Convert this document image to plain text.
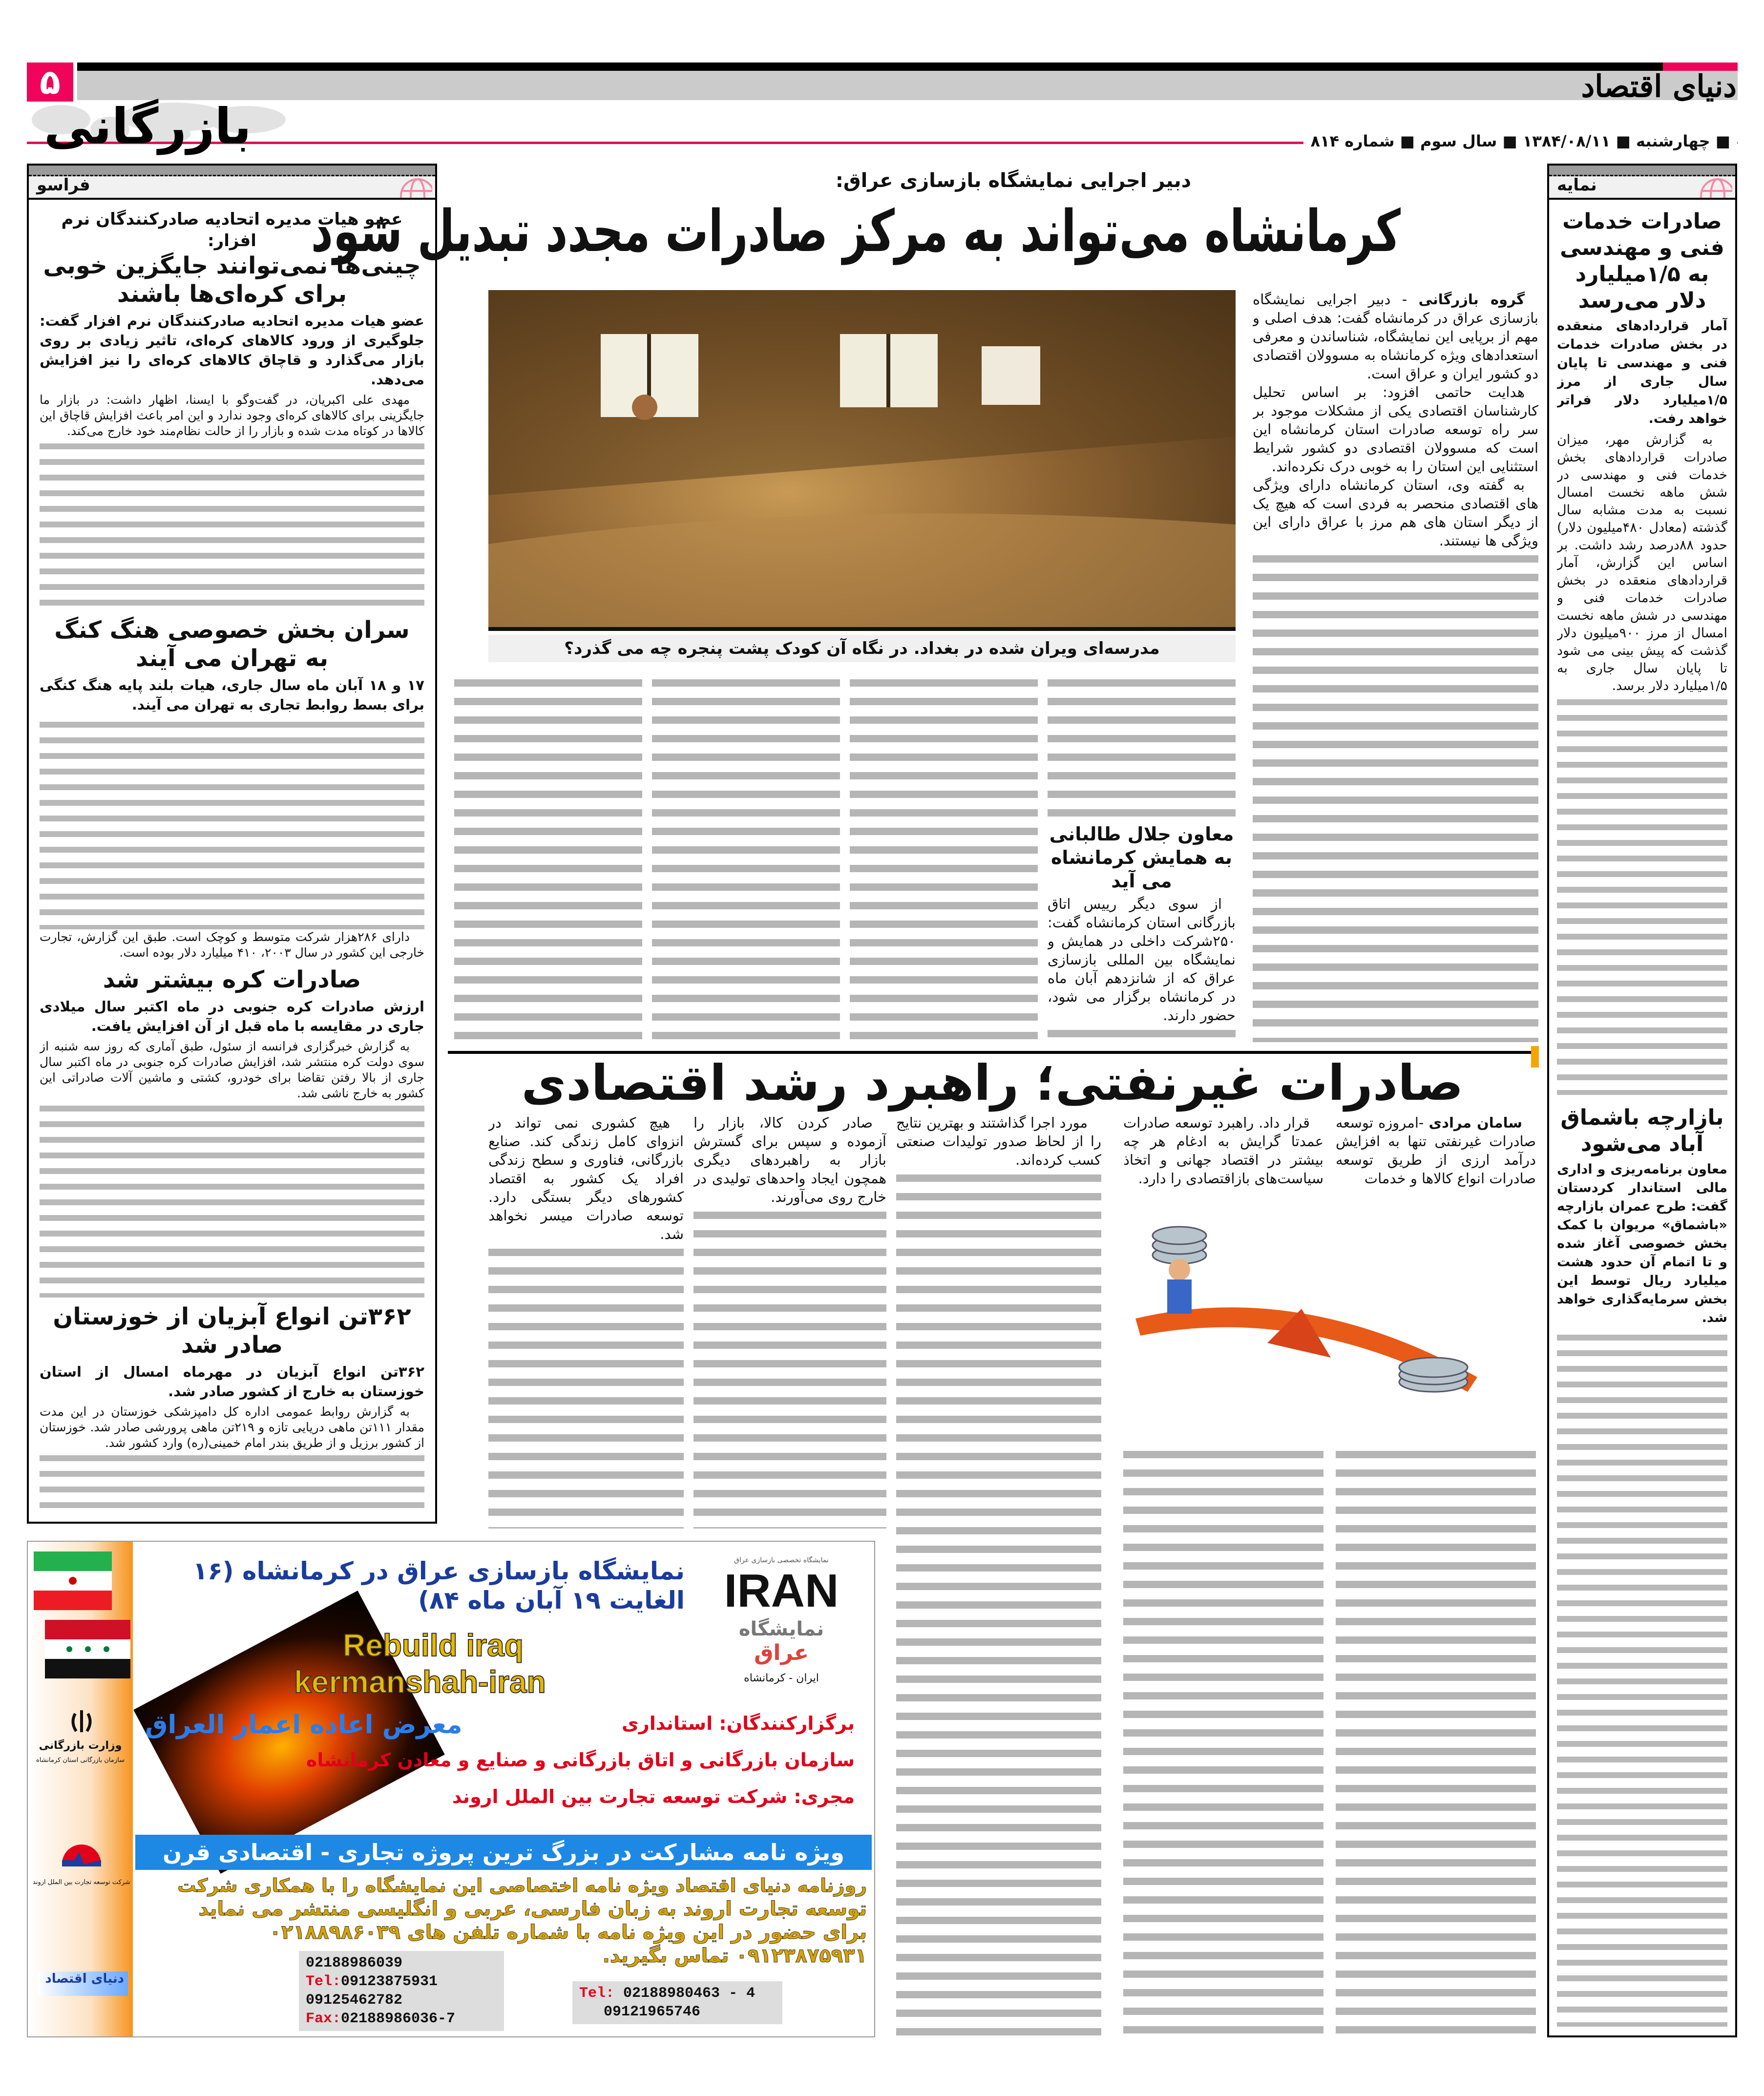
۵	دنیای اقتصاد
بازرگانی	■ چهارشنبه ■ ۱۳۸۴/۰۸/۱۱ ■ سال سوم ■ شماره ۸۱۴
فراسو
عضو هیات مدیره اتحادیه صادرکنندگان نرم افزار:
چینی‌ها نمی‌توانند جایگزین خوبی برای کره‌ای‌ها باشند
عضو هیات مدیره اتحادیه صادرکنندگان نرم افزار گفت: جلوگیری از ورود کالاهای کره‌ای، تاثیر زیادی بر روی بازار می‌گذارد و قاچاق کالاهای کره‌ای را نیز افزایش می‌دهد.

مهدی علی اکبریان، در گفت‌وگو با ایسنا، اظهار داشت: در بازار ما جایگزینی برای کالاهای کره‌ای وجود ندارد و این امر باعث افزایش قاچاق این کالاها در کوتاه مدت شده و بازار را از حالت نظام‌مند خود خارج می‌کند.

سران بخش خصوصی هنگ کنگ به تهران می آیند
۱۷ و ۱۸ آبان ماه سال جاری، هیات بلند پایه هنگ کنگی برای بسط روابط تجاری به تهران می آیند.

دارای ۲۸۶هزار شرکت متوسط و کوچک است. طبق این گزارش، تجارت خارجی این کشور در سال ۲۰۰۳، ۴۱۰ میلیارد دلار بوده است.

صادرات کره بیشتر شد
ارزش صادرات کره جنوبی در ماه اکتبر سال میلادی جاری در مقایسه با ماه قبل از آن افزایش یافت.

به گزارش خبرگزاری فرانسه از سئول، طبق آماری که روز سه شنبه از سوی دولت کره منتشر شد، افزایش صادرات کره جنوبی در ماه اکتبر سال جاری از بالا رفتن تقاضا برای خودرو، کشتی و ماشین آلات صادراتی این کشور به خارج ناشی شد.

۳۶۲تن انواع آبزیان از خوزستان صادر شد
۳۶۲تن انواع آبزیان در مهرماه امسال از استان خوزستان به خارج از کشور صادر شد.

به گزارش روابط عمومی اداره کل دامپزشکی خوزستان در این مدت مقدار ۱۱۱تن ماهی دریایی تازه و ۲۱۹تن ماهی پرورشی صادر شد. خوزستان از کشور برزیل و از طریق بندر امام خمینی(ره) وارد کشور شد.

نمایه
صادرات خدمات فنی و مهندسی به ۱/۵میلیارد دلار می‌رسد
آمار قراردادهای منعقده در بخش صادرات خدمات فنی و مهندسی تا پایان سال جاری از مرز ۱/۵میلیارد دلار فراتر خواهد رفت.

به گزارش مهر، میزان صادرات قراردادهای بخش خدمات فنی و مهندسی در شش ماهه نخست امسال نسبت به مدت مشابه سال گذشته (معادل ۴۸۰میلیون دلار) حدود ۸۸درصد رشد داشت. بر اساس این گزارش، آمار قراردادهای منعقده در بخش صادرات خدمات فنی و مهندسی در شش ماهه نخست امسال از مرز ۹۰۰میلیون دلار گذشت که پیش بینی می شود تا پایان سال جاری به ۱/۵میلیارد دلار برسد.

بازارچه باشماق آباد می‌شود
معاون برنامه‌ریزی و اداری مالی استاندار کردستان گفت: طرح عمران بازارچه «باشماق» مریوان با کمک بخش خصوصی آغاز شده و تا اتمام آن حدود هشت میلیارد ریال توسط این بخش سرمایه‌گذاری خواهد شد.
دبیر اجرایی نمایشگاه بازسازی عراق:
کرمانشاه می‌تواند به مرکز صادرات مجدد تبدیل شود
مدرسه‌ای ویران شده در بغداد. در نگاه آن کودک پشت پنجره چه می گذرد؟

گروه بازرگانی - دبیر اجرایی نمایشگاه بازسازی عراق در کرمانشاه گفت: هدف اصلی و مهم از برپایی این نمایشگاه، شناساندن و معرفی استعدادهای ویژه کرمانشاه به مسوولان اقتصادی دو کشور ایران و عراق است.

هدایت حاتمی افزود: بر اساس تحلیل کارشناسان اقتصادی یکی از مشکلات موجود بر سر راه توسعه صادرات استان کرمانشاه این است که مسوولان اقتصادی دو کشور شرایط استثنایی این استان را به خوبی درک نکرده‌اند.

به گفته وی، استان کرمانشاه دارای ویژگی های اقتصادی منحصر به فردی است که هیچ یک از دیگر استان های هم مرز با عراق دارای این ویژگی ها نیستند.

معاون جلال طالبانی به همایش کرمانشاه می آید

از سوی دیگر رییس اتاق بازرگانی استان کرمانشاه گفت: ۲۵۰شرکت داخلی در همایش و نمایشگاه بین المللی بازسازی عراق که از شانزدهم آبان ماه در کرمانشاه برگزار می شود، حضور دارند.

صادرات غیرنفتی؛ راهبرد رشد اقتصادی

سامان مرادی -امروزه توسعه صادرات غیرنفتی تنها به افزایش درآمد ارزی از طریق توسعه صادرات انواع کالاها و خدمات

قرار داد. راهبرد توسعه صادرات عمدتا گرایش به ادغام هر چه بیشتر در اقتصاد جهانی و اتخاذ سیاست‌های بازاقتصادی را دارد.

مورد اجرا گذاشتند و بهترین نتایج را از لحاظ صدور تولیدات صنعتی کسب کرده‌اند.

صادر کردن کالا، بازار را آزموده و سپس برای گسترش بازار به راهبردهای دیگری همچون ایجاد واحدهای تولیدی در خارج روی می‌آورند.

هیچ کشوری نمی تواند در انزوای کامل زندگی کند. صنایع بازرگانی، فناوری و سطح زندگی افراد یک کشور به اقتصاد کشورهای دیگر بستگی دارد. توسعه صادرات میسر نخواهد شد.

وزارت بازرگانی
سازمان بازرگانی استان کرمانشاه
شرکت توسعه تجارت بین الملل اروند
دنیای اقتصاد
نمایشگاه بازسازی عراق در کرمانشاه (۱۶ الغایت ۱۹ آبان ماه ۸۴)
Rebuild iraq
kermanshah-iran
معرض اعاده اعمار العراق
نمایشگاه تخصصی بازسازی عراق
IRAN
نمایشگاه
عراق
ایران - کرمانشاه
برگزارکنندگان: استانداری
سازمان بازرگانی و اتاق بازرگانی و صنایع و معادن کرمانشاه
مجری: شرکت توسعه تجارت بین الملل اروند
ویژه نامه مشارکت در بزرگ ترین پروژه تجاری - اقتصادی قرن
روزنامه دنیای اقتصاد ویژه نامه اختصاصی این نمایشگاه را با همکاری شرکت
توسعه تجارت اروند به زبان فارسی، عربی و انگلیسی منتشر می نماید
برای حضور در این ویژه نامه با شماره تلفن های ۰۲۱۸۸۹۸۶۰۳۹
۰۹۱۲۳۸۷۵۹۳۱ تماس بگیرید.
02188986039
Tel:09123875931
09125462782
Fax:02188986036-7
Tel: 02188980463 - 4
09121965746
